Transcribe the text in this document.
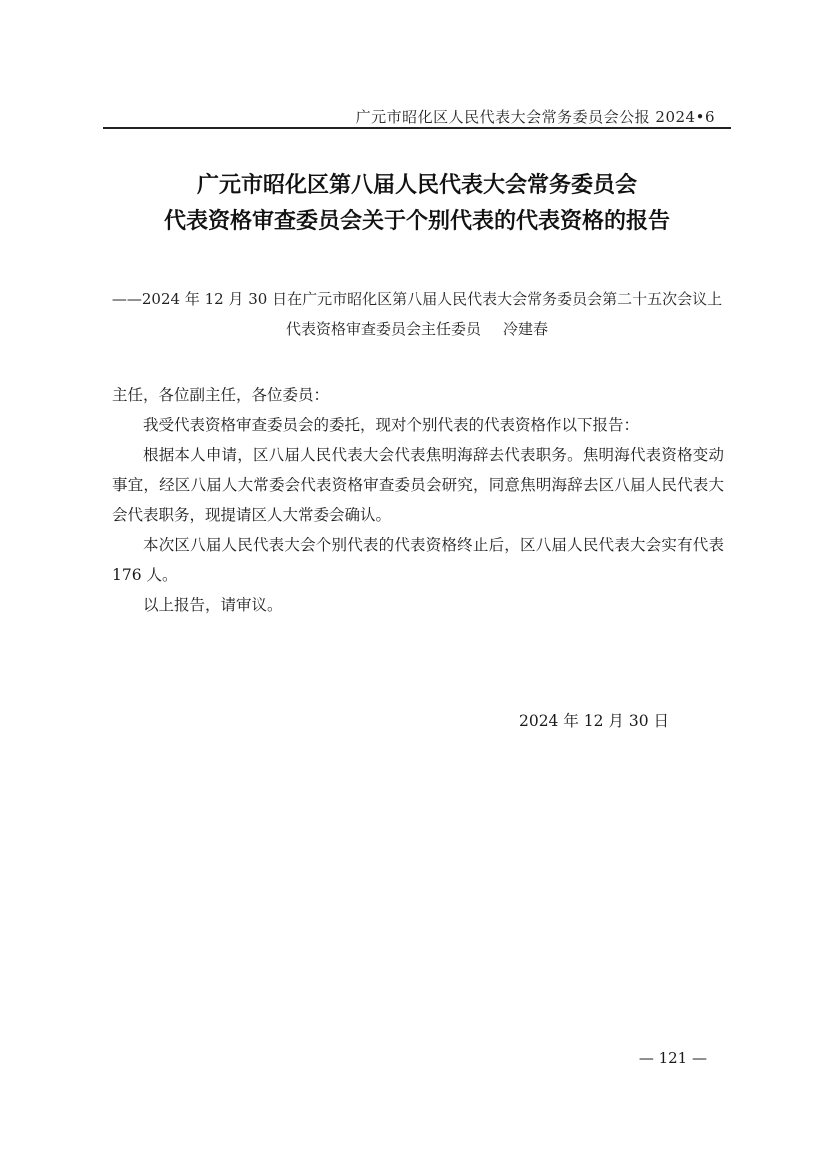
广元市昭化区人民代表大会常务委员会公报 2024•6
广元市昭化区第八届人民代表大会常务委员会
代表资格审查委员会关于个别代表的代表资格的报告
——2024 年 12 月 30 日在广元市昭化区第八届人民代表大会常务委员会第二十五次会议上
代表资格审查委员会主任委员 冷建春

主任，各位副主任，各位委员：

我受代表资格审查委员会的委托，现对个别代表的代表资格作以下报告：

根据本人申请，区八届人民代表大会代表焦明海辞去代表职务。焦明海代表资格变动事宜，经区八届人大常委会代表资格审查委员会研究，同意焦明海辞去区八届人民代表大会代表职务，现提请区人大常委会确认。

本次区八届人民代表大会个别代表的代表资格终止后，区八届人民代表大会实有代表 176 人。

以上报告，请审议。

2024 年 12 月 30 日
— 121 —
